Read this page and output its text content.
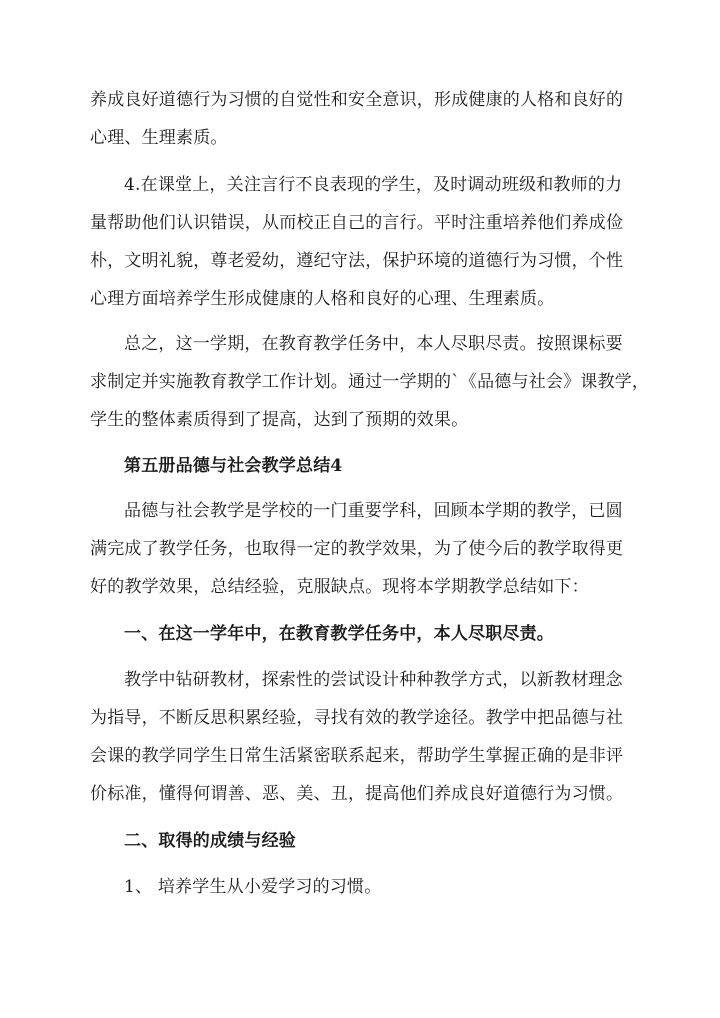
养成良好道德行为习惯的自觉性和安全意识，形成健康的人格和良好的
心理、生理素质。
4.在课堂上，关注言行不良表现的学生，及时调动班级和教师的力
量帮助他们认识错误，从而校正自己的言行。平时注重培养他们养成俭
朴，文明礼貌，尊老爱幼，遵纪守法，保护环境的道德行为习惯，个性
心理方面培养学生形成健康的人格和良好的心理、生理素质。
总之，这一学期，在教育教学任务中，本人尽职尽责。按照课标要
求制定并实施教育教学工作计划。通过一学期的`《品德与社会》课教学，
学生的整体素质得到了提高，达到了预期的效果。
第五册品德与社会教学总结4
品德与社会教学是学校的一门重要学科，回顾本学期的教学，已圆
满完成了教学任务，也取得一定的教学效果，为了使今后的教学取得更
好的教学效果，总结经验，克服缺点。现将本学期教学总结如下：
一、在这一学年中，在教育教学任务中，本人尽职尽责。
教学中钻研教材，探索性的尝试设计种种教学方式，以新教材理念
为指导，不断反思积累经验，寻找有效的教学途径。教学中把品德与社
会课的教学同学生日常生活紧密联系起来，帮助学生掌握正确的是非评
价标准，懂得何谓善、恶、美、丑，提高他们养成良好道德行为习惯。
二、取得的成绩与经验
1、 培养学生从小爱学习的习惯。
